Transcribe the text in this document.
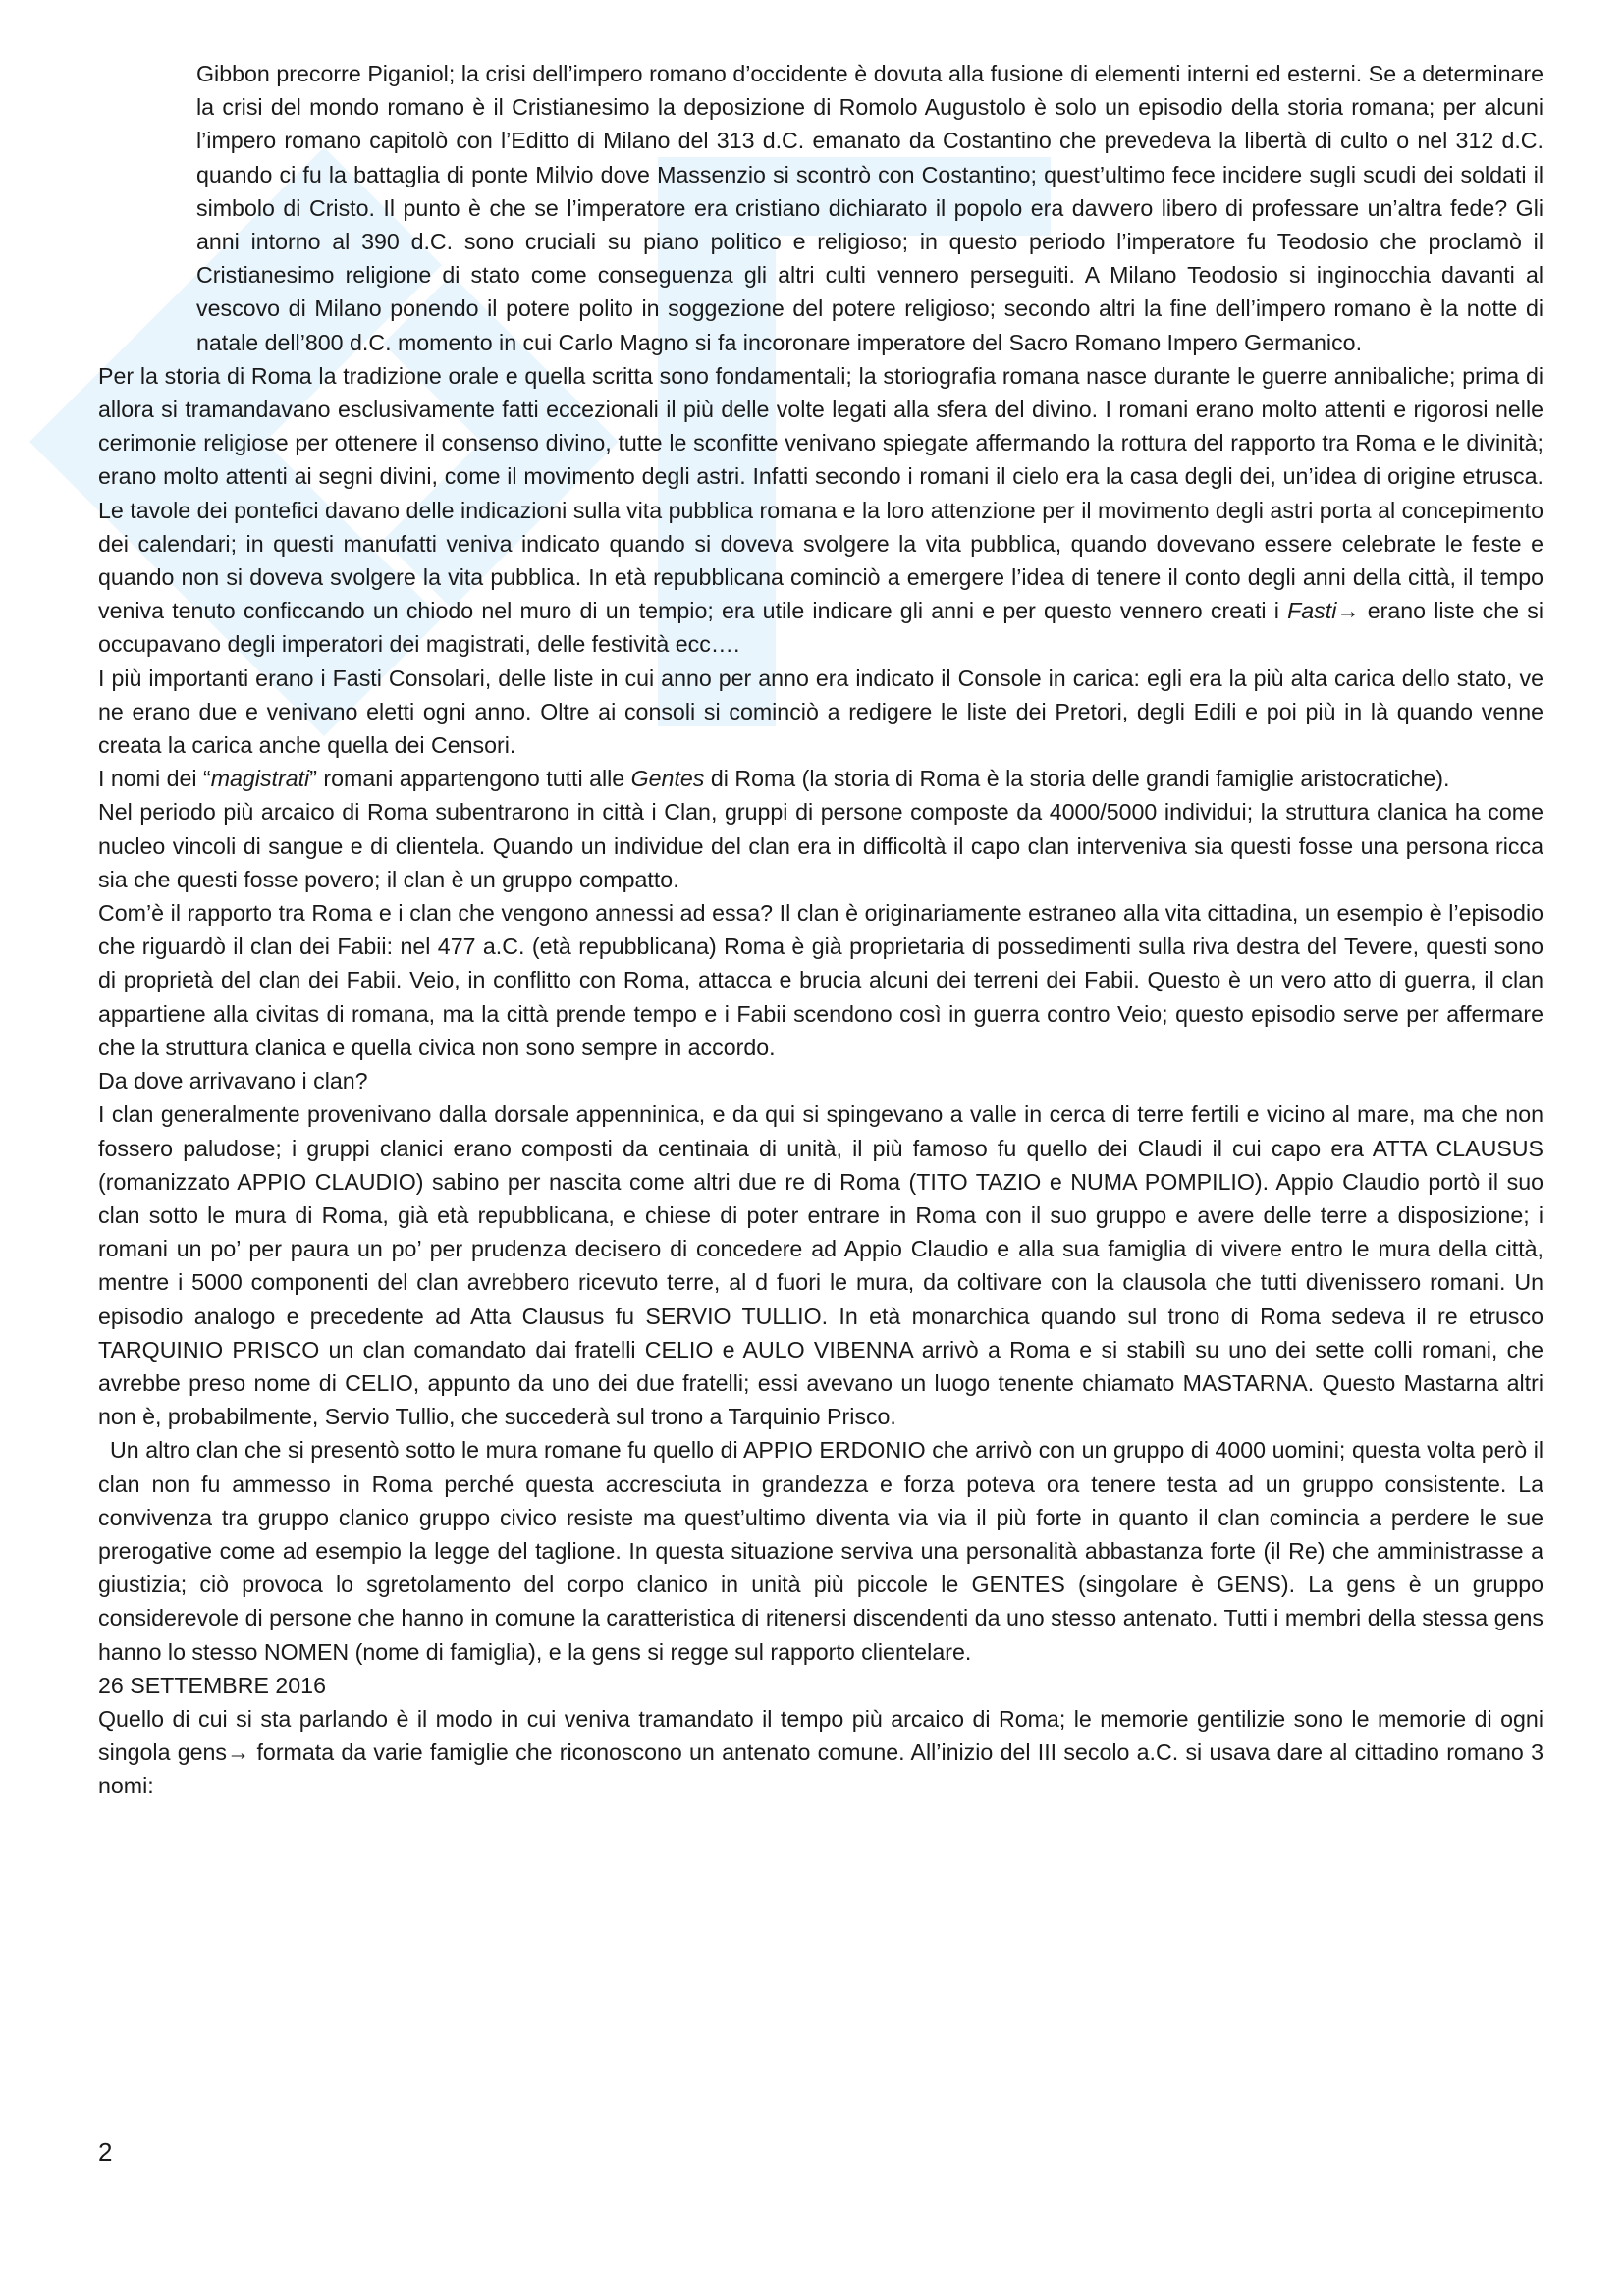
Gibbon precorre Piganiol; la crisi dell’impero romano d’occidente è dovuta alla fusione di elementi interni ed esterni. Se a determinare la crisi del mondo romano è il Cristianesimo la deposizione di Romolo Augustolo è solo un episodio della storia romana; per alcuni l’impero romano capitolò con l’Editto di Milano del 313 d.C. emanato da Costantino che prevedeva la libertà di culto o nel 312 d.C. quando ci fu la battaglia di ponte Milvio dove Massenzio si scontrò con Costantino; quest’ultimo fece incidere sugli scudi dei soldati il simbolo di Cristo. Il punto è che se l’imperatore era cristiano dichiarato il popolo era davvero libero di professare un’altra fede? Gli anni intorno al 390 d.C. sono cruciali su piano politico e religioso; in questo periodo l’imperatore fu Teodosio che proclamò il Cristianesimo religione di stato come conseguenza gli altri culti vennero perseguiti. A Milano Teodosio si inginocchia davanti al vescovo di Milano ponendo il potere polito in soggezione del potere religioso; secondo altri la fine dell’impero romano è la notte di natale dell’800 d.C. momento in cui Carlo Magno si fa incoronare imperatore del Sacro Romano Impero Germanico.

Per la storia di Roma la tradizione orale e quella scritta sono fondamentali; la storiografia romana nasce durante le guerre annibaliche; prima di allora si tramandavano esclusivamente fatti eccezionali il più delle volte legati alla sfera del divino. I romani erano molto attenti e rigorosi nelle cerimonie religiose per ottenere il consenso divino, tutte le sconfitte venivano spiegate affermando la rottura del rapporto tra Roma e le divinità; erano molto attenti ai segni divini, come il movimento degli astri. Infatti secondo i romani il cielo era la casa degli dei, un’idea di origine etrusca. Le tavole dei pontefici davano delle indicazioni sulla vita pubblica romana e la loro attenzione per il movimento degli astri porta al concepimento dei calendari; in questi manufatti veniva indicato quando si doveva svolgere la vita pubblica, quando dovevano essere celebrate le feste e quando non si doveva svolgere la vita pubblica. In età repubblicana cominciò a emergere l’idea di tenere il conto degli anni della città, il tempo veniva tenuto conficcando un chiodo nel muro di un tempio; era utile indicare gli anni e per questo vennero creati i Fasti→ erano liste che si occupavano degli imperatori dei magistrati, delle festività ecc….

I più importanti erano i Fasti Consolari, delle liste in cui anno per anno era indicato il Console in carica: egli era la più alta carica dello stato, ve ne erano due e venivano eletti ogni anno. Oltre ai consoli si cominciò a redigere le liste dei Pretori, degli Edili e poi più in là quando venne creata la carica anche quella dei Censori.

I nomi dei “magistrati” romani appartengono tutti alle Gentes di Roma (la storia di Roma è la storia delle grandi famiglie aristocratiche).

Nel periodo più arcaico di Roma subentrarono in città i Clan, gruppi di persone composte da 4000/5000 individui; la struttura clanica ha come nucleo vincoli di sangue e di clientela. Quando un individue del clan era in difficoltà il capo clan interveniva sia questi fosse una persona ricca sia che questi fosse povero; il clan è un gruppo compatto.

Com’è il rapporto tra Roma e i clan che vengono annessi ad essa? Il clan è originariamente estraneo alla vita cittadina, un esempio è l’episodio che riguardò il clan dei Fabii: nel 477 a.C. (età repubblicana) Roma è già proprietaria di possedimenti sulla riva destra del Tevere, questi sono di proprietà del clan dei Fabii. Veio, in conflitto con Roma, attacca e brucia alcuni dei terreni dei Fabii. Questo è un vero atto di guerra, il clan appartiene alla civitas di romana, ma la città prende tempo e i Fabii scendono così in guerra contro Veio; questo episodio serve per affermare che la struttura clanica e quella civica non sono sempre in accordo.

Da dove arrivavano i clan?

I clan generalmente provenivano dalla dorsale appenninica, e da qui si spingevano a valle in cerca di terre fertili e vicino al mare, ma che non fossero paludose; i gruppi clanici erano composti da centinaia di unità, il più famoso fu quello dei Claudi il cui capo era ATTA CLAUSUS (romanizzato APPIO CLAUDIO) sabino per nascita come altri due re di Roma (TITO TAZIO e NUMA POMPILIO). Appio Claudio portò il suo clan sotto le mura di Roma, già età repubblicana, e chiese di poter entrare in Roma con il suo gruppo e avere delle terre a disposizione; i romani un po’ per paura un po’ per prudenza decisero di concedere ad Appio Claudio e alla sua famiglia di vivere entro le mura della città, mentre i 5000 componenti del clan avrebbero ricevuto terre, al d fuori le mura, da coltivare con la clausola che tutti divenissero romani. Un episodio analogo e precedente ad Atta Clausus fu SERVIO TULLIO. In età monarchica quando sul trono di Roma sedeva il re etrusco TARQUINIO PRISCO un clan comandato dai fratelli CELIO e AULO VIBENNA arrivò a Roma e si stabilì su uno dei sette colli romani, che avrebbe preso nome di CELIO, appunto da uno dei due fratelli; essi avevano un luogo tenente chiamato MASTARNA. Questo Mastarna altri non è, probabilmente, Servio Tullio, che succederà sul trono a Tarquinio Prisco.

Un altro clan che si presentò sotto le mura romane fu quello di APPIO ERDONIO che arrivò con un gruppo di 4000 uomini; questa volta però il clan non fu ammesso in Roma perché questa accresciuta in grandezza e forza poteva ora tenere testa ad un gruppo consistente. La convivenza tra gruppo clanico gruppo civico resiste ma quest’ultimo diventa via via il più forte in quanto il clan comincia a perdere le sue prerogative come ad esempio la legge del taglione. In questa situazione serviva una personalità abbastanza forte (il Re) che amministrasse a giustizia; ciò provoca lo sgretolamento del corpo clanico in unità più piccole le GENTES (singolare è GENS). La gens è un gruppo considerevole di persone che hanno in comune la caratteristica di ritenersi discendenti da uno stesso antenato. Tutti i membri della stessa gens hanno lo stesso NOMEN (nome di famiglia), e la gens si regge sul rapporto clientelare.

26 SETTEMBRE 2016

Quello di cui si sta parlando è il modo in cui veniva tramandato il tempo più arcaico di Roma; le memorie gentilizie sono le memorie di ogni singola gens→ formata da varie famiglie che riconoscono un antenato comune. All’inizio del III secolo a.C. si usava dare al cittadino romano 3 nomi:

2
